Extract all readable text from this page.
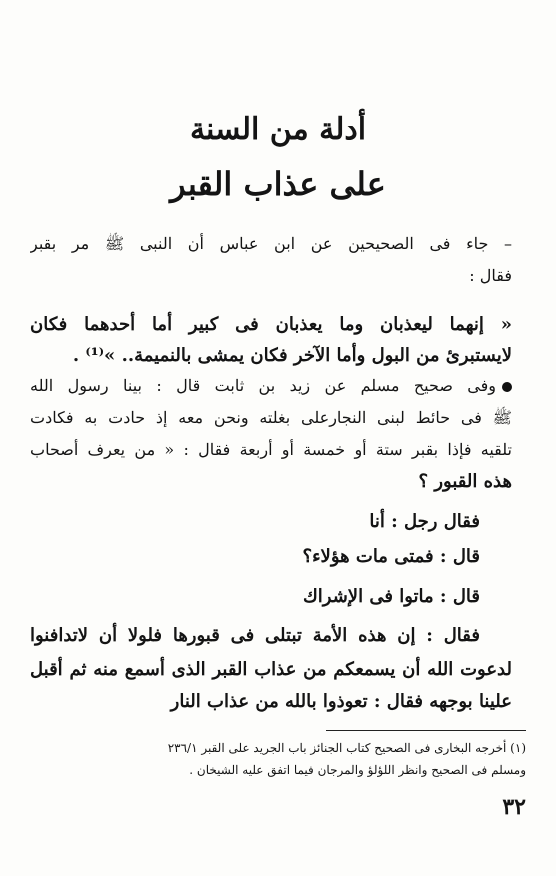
أدلة من السنة
على عذاب القبر
– جاء فى الصحيحين عن ابن عباس أن النبى ﷺ مر بقبر
فقال :
« إنهما ليعذبان وما يعذبان فى كبير أما أحدهما فكان
لايستبرئ من البول وأما الآخر فكان يمشى بالنميمة.. »⁽¹⁾ .
وفى صحيح مسلم عن زيد بن ثابت قال : بينا رسول الله
ﷺ فى حائط لبنى النجارعلى بغلته ونحن معه إذ حادت به فكادت
تلقيه فإذا بقبر ستة أو خمسة أو أربعة فقال : « من يعرف أصحاب
هذه القبور ؟
فقال رجل : أنا
قال : فمتى مات هؤلاء؟
قال : ماتوا فى الإشراك
فقال : إن هذه الأمة تبتلى فى قبورها فلولا أن لاتدافنوا
لدعوت الله أن يسمعكم من عذاب القبر الذى أسمع منه ثم أقبل
علينا بوجهه فقال : تعوذوا بالله من عذاب النار
(١) أخرجه البخارى فى الصحيح كتاب الجنائز باب الجريد على القبر ٢٣٦/١
ومسلم فى الصحيح وانظر اللؤلؤ والمرجان فيما اتفق عليه الشيخان .
٣٢
